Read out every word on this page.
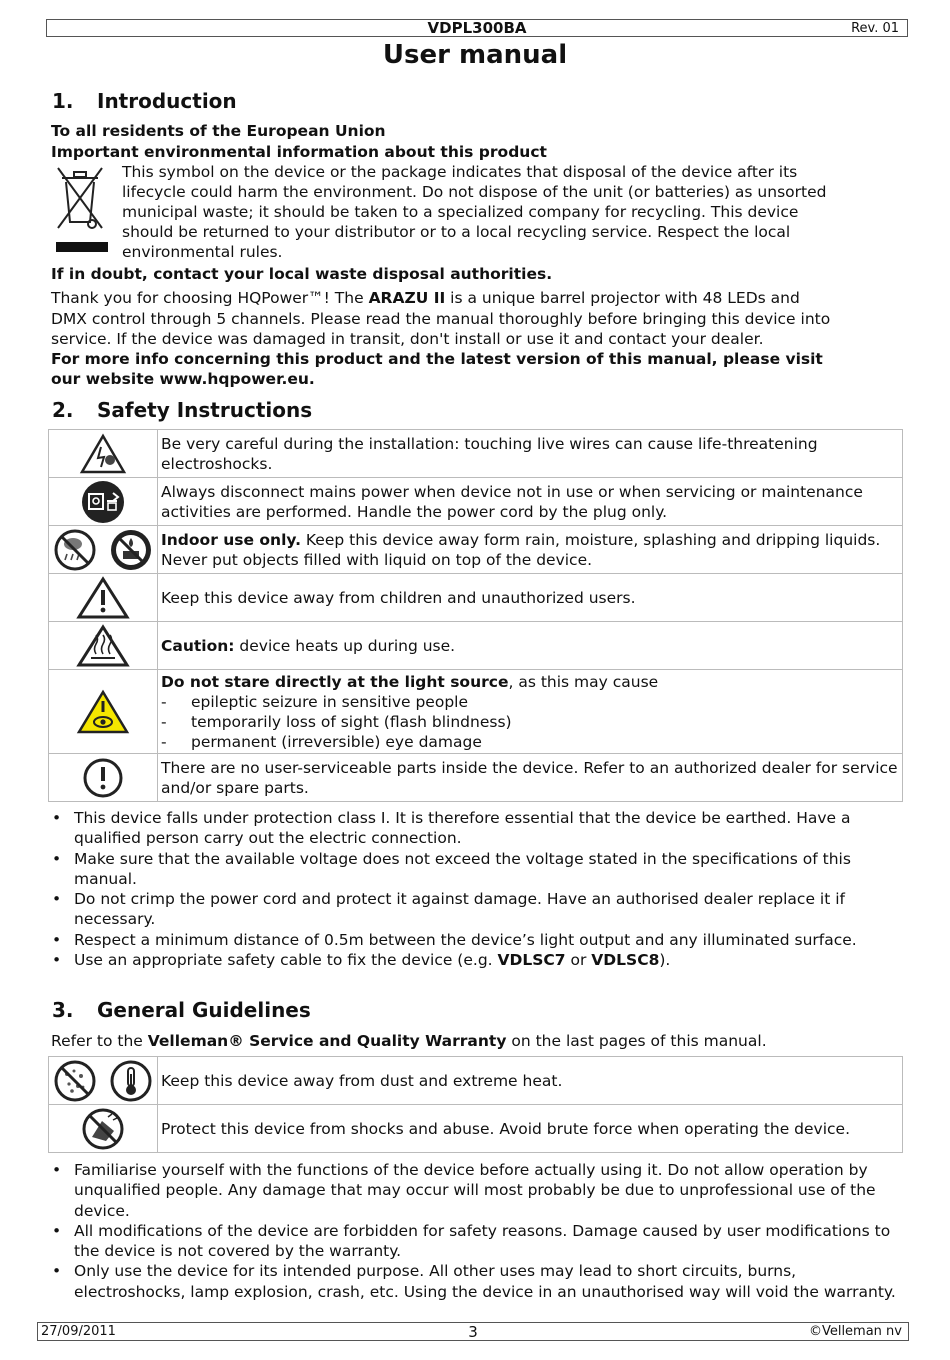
VDPL300BA	Rev. 01
User manual
1. Introduction
To all residents of the European Union
Important environmental information about this product
This symbol on the device or the package indicates that disposal of the device after its
lifecycle could harm the environment. Do not dispose of the unit (or batteries) as unsorted
municipal waste; it should be taken to a specialized company for recycling. This device
should be returned to your distributor or to a local recycling service. Respect the local
environmental rules.
If in doubt, contact your local waste disposal authorities.
Thank you for choosing HQPower™! The ARAZU II is a unique barrel projector with 48 LEDs and
DMX control through 5 channels. Please read the manual thoroughly before bringing this device into
service. If the device was damaged in transit, don't install or use it and contact your dealer.
For more info concerning this product and the latest version of this manual, please visit
our website www.hqpower.eu.
2. Safety Instructions
	Be very careful during the installation: touching live wires can cause life-threatening electroshocks.

	Always disconnect mains power when device not in use or when servicing or maintenance activities are performed. Handle the power cord by the plug only.

	Indoor use only. Keep this device away form rain, moisture, splashing and dripping liquids. Never put objects filled with liquid on top of the device.

	Keep this device away from children and unauthorized users.

	Caution: device heats up during use.

Do not stare directly at the light source, as this may cause
- epileptic seizure in sensitive people
- temporarily loss of sight (flash blindness)
- permanent (irreversible) eye damage

	There are no user-serviceable parts inside the device. Refer to an authorized dealer for service and/or spare parts.
• This device falls under protection class I. It is therefore essential that the device be earthed. Have a qualified person carry out the electric connection.
• Make sure that the available voltage does not exceed the voltage stated in the specifications of this manual.
• Do not crimp the power cord and protect it against damage. Have an authorised dealer replace it if necessary.
• Respect a minimum distance of 0.5m between the device’s light output and any illuminated surface.
• Use an appropriate safety cable to fix the device (e.g. VDLSC7 or VDLSC8).
3. General Guidelines
Refer to the Velleman® Service and Quality Warranty on the last pages of this manual.
	Keep this device away from dust and extreme heat.

	Protect this device from shocks and abuse. Avoid brute force when operating the device.
• Familiarise yourself with the functions of the device before actually using it. Do not allow operation by unqualified people. Any damage that may occur will most probably be due to unprofessional use of the device.
• All modifications of the device are forbidden for safety reasons. Damage caused by user modifications to the device is not covered by the warranty.
• Only use the device for its intended purpose. All other uses may lead to short circuits, burns, electroshocks, lamp explosion, crash, etc. Using the device in an unauthorised way will void the warranty.
27/09/2011	3	©Velleman nv
